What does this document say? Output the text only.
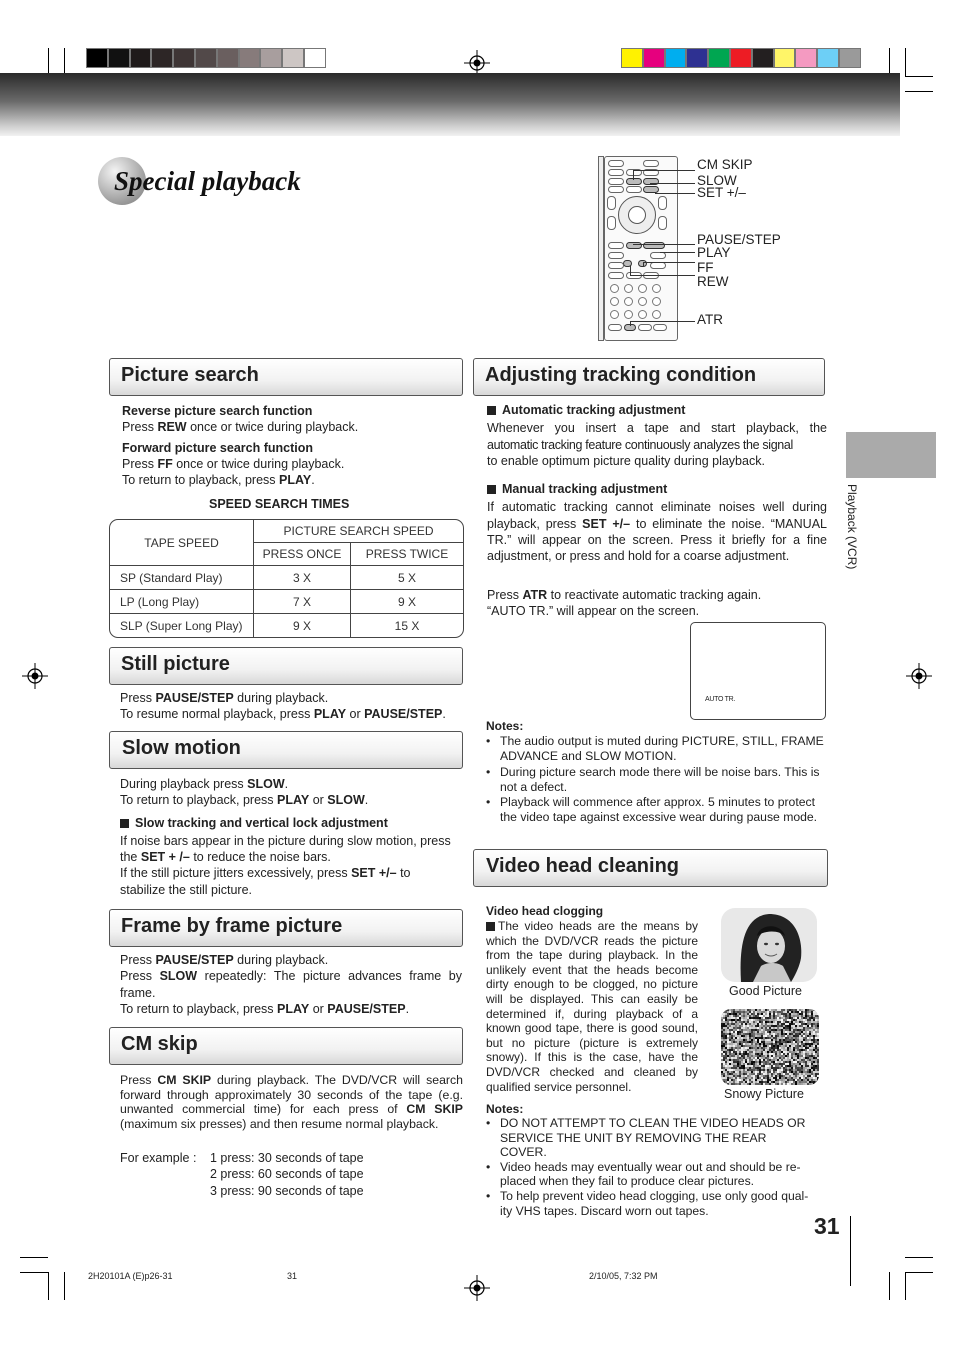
Special playback
CM SKIP
SLOW
SET +/–
PAUSE/STEP
PLAY
FF
REW
ATR
Picture search
Reverse picture search function
Press REW once or twice during playback.
Forward picture search function
Press FF once or twice during playback.
To return to playback, press PLAY.
SPEED SEARCH TIMES
TAPE SPEED	PICTURE SEARCH SPEED	
	PRESS ONCE	PRESS TWICE
SP (Standard Play)	3 X	5 X
LP (Long Play)	7 X	9 X
SLP (Super Long Play)	9 X	15 X
Still picture
Press PAUSE/STEP during playback.
To resume normal playback, press PLAY or PAUSE/STEP.
Slow motion
During playback press SLOW.
To return to playback, press PLAY or SLOW.
Slow tracking and vertical lock adjustment
If noise bars appear in the picture during slow motion, press the SET + /– to reduce the noise bars.
If the still picture jitters excessively, press SET +/– to stabilize the still picture.
Frame by frame picture
Press PAUSE/STEP during playback.
Press SLOW repeatedly: The picture advances frame by frame.
To return to playback, press PLAY or PAUSE/STEP.
CM skip
Press CM SKIP during playback. The DVD/VCR will search forward through approximately 30 seconds of the tape (e.g. unwanted commercial time) for each press of CM SKIP (maximum six presses) and then resume normal playback.
For example : 1 press: 30 seconds of tape
2 press: 60 seconds of tape
3 press: 90 seconds of tape
Adjusting tracking condition
Automatic tracking adjustment
Whenever you insert a tape and start playback, the
automatic tracking feature continuously analyzes the signal
to enable optimum picture quality during playback.
Manual tracking adjustment
If automatic tracking cannot eliminate noises well during playback, press SET +/– to eliminate the noise. “MANUAL TR.” will appear on the screen. Press it briefly for a fine adjustment, or press and hold for a coarse adjustment.
Press ATR to reactivate automatic tracking again.
“AUTO TR.” will appear on the screen.
AUTO TR.
Notes:
• The audio output is muted during PICTURE, STILL, FRAME ADVANCE and SLOW MOTION.
• During picture search mode there will be noise bars. This is not a defect.
• Playback will commence after approx. 5 minutes to protect the video tape against excessive wear during pause mode.
Video head cleaning
Video head clogging
The video heads are the means by which the DVD/VCR reads the picture from the tape during playback. In the unlikely event that the heads become dirty enough to be clogged, no picture will be displayed. This can easily be determined if, during playback of a known good tape, there is good sound, but no picture (picture is extremely snowy). If this is the case, have the DVD/VCR checked and cleaned by qualified service personnel.
Good Picture
Snowy Picture
Notes:
• DO NOT ATTEMPT TO CLEAN THE VIDEO HEADS OR SERVICE THE UNIT BY REMOVING THE REAR COVER.
• Video heads may eventually wear out and should be re-placed when they fail to produce clear pictures.
• To help prevent video head clogging, use only good qual-ity VHS tapes. Discard worn out tapes.
Playback (VCR)
31
2H20101A (E)p26-31	31	2/10/05, 7:32 PM
